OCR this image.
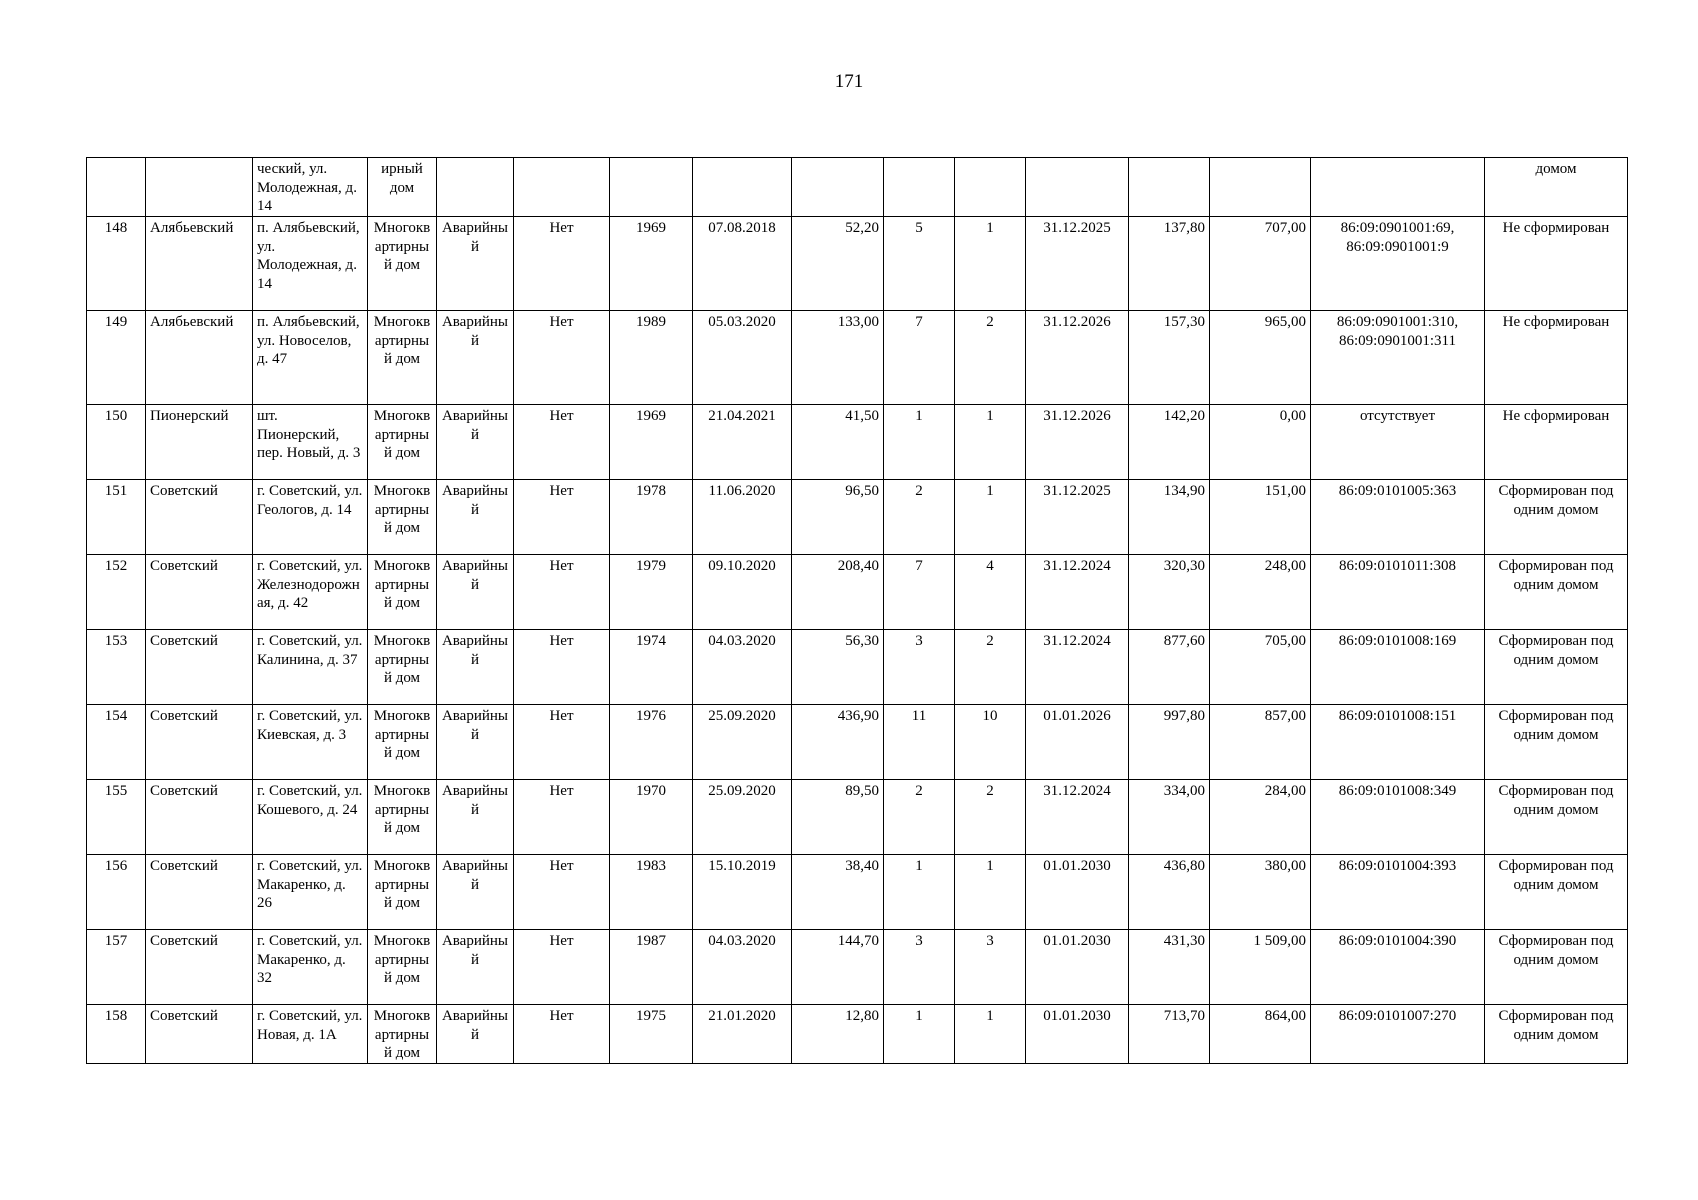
171
		ческий, ул. Молодежная, д. 14	ирный дом												домом
148	Алябьевский	п. Алябьевский, ул. Молодежная, д. 14	Многоквартирный дом	Аварийный	Нет	1969	07.08.2018	52,20	5	1	31.12.2025	137,80	707,00	86:09:0901001:69, 86:09:0901001:9	Не сформирован
149	Алябьевский	п. Алябьевский, ул. Новоселов, д. 47	Многоквартирный дом	Аварийный	Нет	1989	05.03.2020	133,00	7	2	31.12.2026	157,30	965,00	86:09:0901001:310, 86:09:0901001:311	Не сформирован
150	Пионерский	шт. Пионерский, пер. Новый, д. 3	Многоквартирный дом	Аварийный	Нет	1969	21.04.2021	41,50	1	1	31.12.2026	142,20	0,00	отсутствует	Не сформирован
151	Советский	г. Советский, ул. Геологов, д. 14	Многоквартирный дом	Аварийный	Нет	1978	11.06.2020	96,50	2	1	31.12.2025	134,90	151,00	86:09:0101005:363	Сформирован под одним домом
152	Советский	г. Советский, ул. Железнодорожная, д. 42	Многоквартирный дом	Аварийный	Нет	1979	09.10.2020	208,40	7	4	31.12.2024	320,30	248,00	86:09:0101011:308	Сформирован под одним домом
153	Советский	г. Советский, ул. Калинина, д. 37	Многоквартирный дом	Аварийный	Нет	1974	04.03.2020	56,30	3	2	31.12.2024	877,60	705,00	86:09:0101008:169	Сформирован под одним домом
154	Советский	г. Советский, ул. Киевская, д. 3	Многоквартирный дом	Аварийный	Нет	1976	25.09.2020	436,90	11	10	01.01.2026	997,80	857,00	86:09:0101008:151	Сформирован под одним домом
155	Советский	г. Советский, ул. Кошевого, д. 24	Многоквартирный дом	Аварийный	Нет	1970	25.09.2020	89,50	2	2	31.12.2024	334,00	284,00	86:09:0101008:349	Сформирован под одним домом
156	Советский	г. Советский, ул. Макаренко, д. 26	Многоквартирный дом	Аварийный	Нет	1983	15.10.2019	38,40	1	1	01.01.2030	436,80	380,00	86:09:0101004:393	Сформирован под одним домом
157	Советский	г. Советский, ул. Макаренко, д. 32	Многоквартирный дом	Аварийный	Нет	1987	04.03.2020	144,70	3	3	01.01.2030	431,30	1 509,00	86:09:0101004:390	Сформирован под одним домом
158	Советский	г. Советский, ул. Новая, д. 1А	Многоквартирный дом	Аварийный	Нет	1975	21.01.2020	12,80	1	1	01.01.2030	713,70	864,00	86:09:0101007:270	Сформирован под одним домом
